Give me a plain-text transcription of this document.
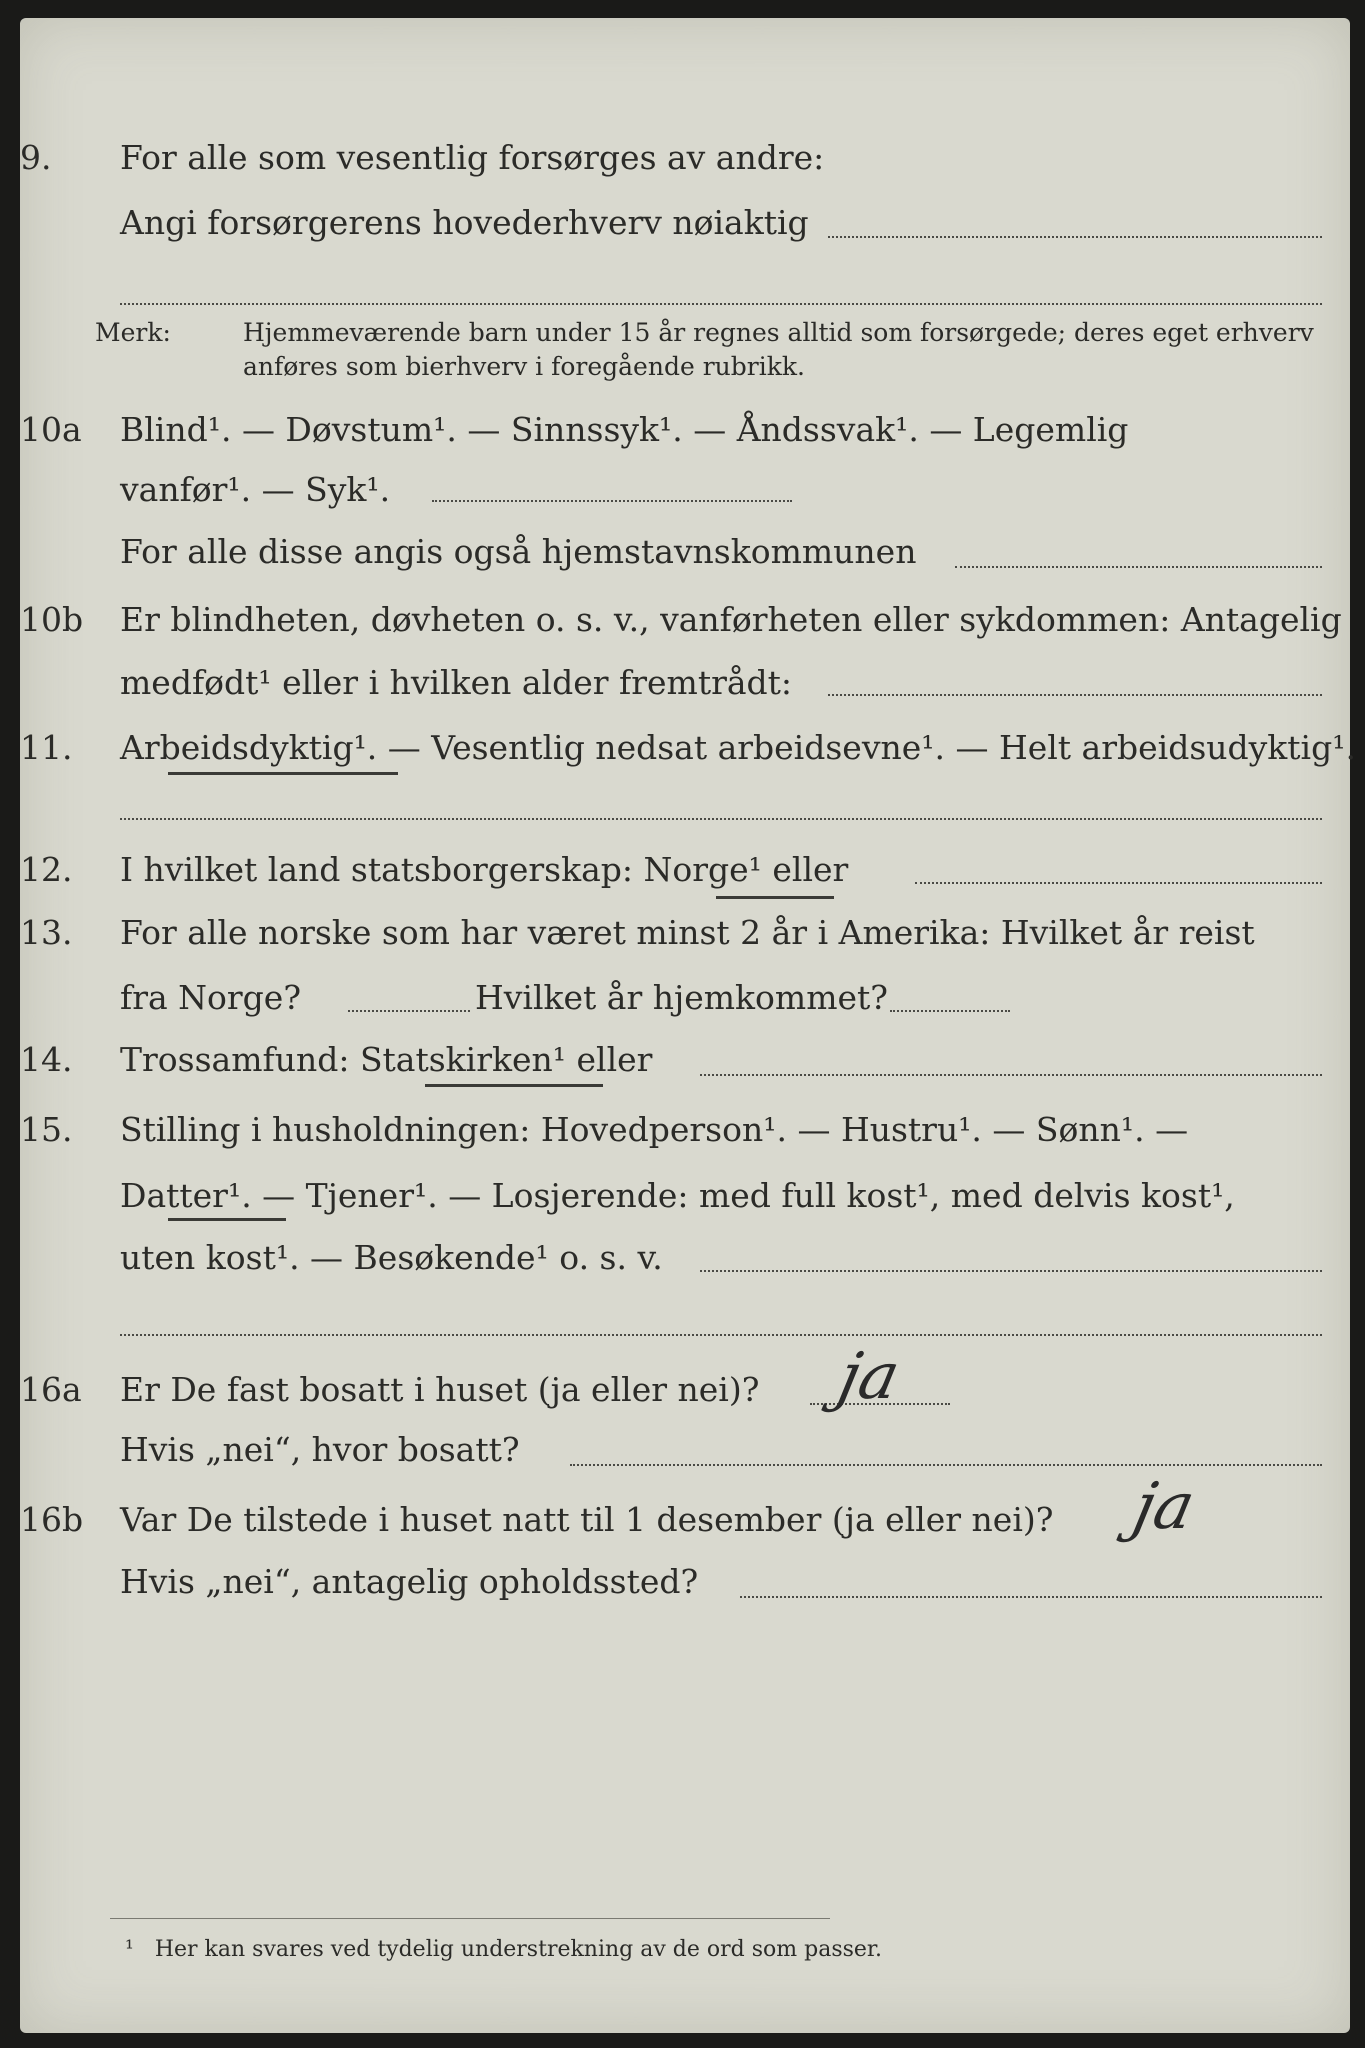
9.	For alle som vesentlig forsørges av andre:
Angi forsørgerens hovederhverv nøiaktig
Merk:	Hjemmeværende barn under 15 år regnes alltid som forsørgede; deres eget erhverv
anføres som bierhverv i foregående rubrikk.
10a	Blind¹. — Døvstum¹. — Sinnssyk¹. — Åndssvak¹. — Legemlig
vanfør¹. — Syk¹.
For alle disse angis også hjemstavnskommunen
10b	Er blindheten, døvheten o. s. v., vanførheten eller sykdommen: Antagelig
medfødt¹ eller i hvilken alder fremtrådt:
11.	Arbeidsdyktig¹. — Vesentlig nedsat arbeidsevne¹. — Helt arbeidsudyktig¹.
12.	I hvilket land statsborgerskap: Norge¹ eller
13.	For alle norske som har været minst 2 år i Amerika: Hvilket år reist
fra Norge?	Hvilket år hjemkommet?
14.	Trossamfund: Statskirken¹ eller
15.	Stilling i husholdningen: Hovedperson¹. — Hustru¹. — Sønn¹. —
Datter¹. — Tjener¹. — Losjerende: med full kost¹, med delvis kost¹,
uten kost¹. — Besøkende¹ o. s. v.
16a	Er De fast bosatt i huset (ja eller nei)?	ja
Hvis „nei“, hvor bosatt?
16b	Var De tilstede i huset natt til 1 desember (ja eller nei)?	ja
Hvis „nei“, antagelig opholdssted?
¹ Her kan svares ved tydelig understrekning av de ord som passer.
